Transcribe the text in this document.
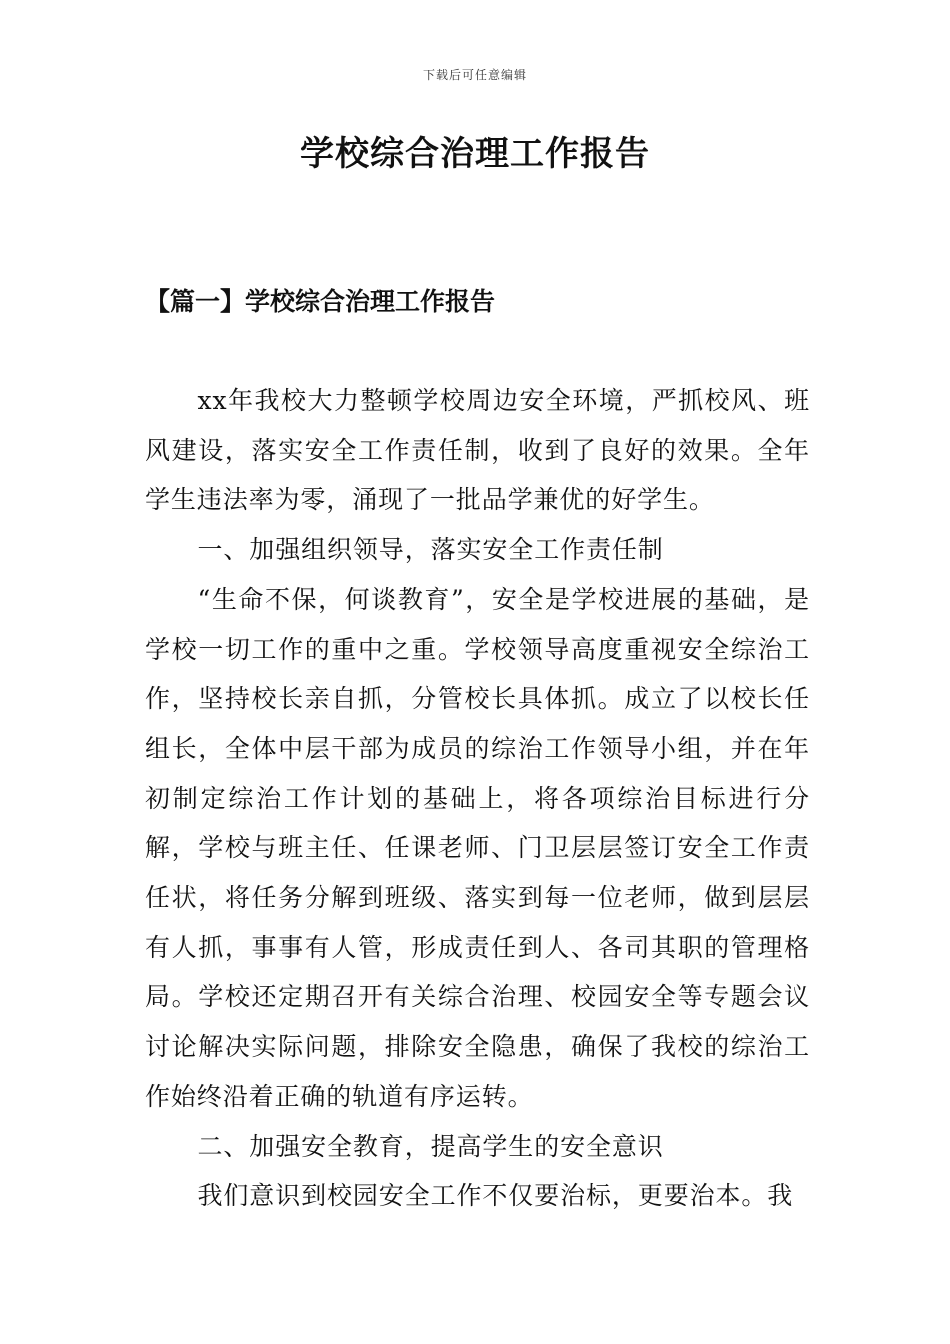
下载后可任意编辑
学校综合治理工作报告
【篇一】学校综合治理工作报告

xx年我校大力整顿学校周边安全环境，严抓校风、班风建设，落实安全工作责任制，收到了良好的效果。全年学生违法率为零，涌现了一批品学兼优的好学生。

一、加强组织领导，落实安全工作责任制

“生命不保，何谈教育”，安全是学校进展的基础，是学校一切工作的重中之重。学校领导高度重视安全综治工作，坚持校长亲自抓，分管校长具体抓。成立了以校长任组长，全体中层干部为成员的综治工作领导小组，并在年初制定综治工作计划的基础上，将各项综治目标进行分解，学校与班主任、任课老师、门卫层层签订安全工作责任状，将任务分解到班级、落实到每一位老师，做到层层有人抓，事事有人管，形成责任到人、各司其职的管理格局。学校还定期召开有关综合治理、校园安全等专题会议讨论解决实际问题，排除安全隐患，确保了我校的综治工作始终沿着正确的轨道有序运转。

二、加强安全教育，提高学生的安全意识

我们意识到校园安全工作不仅要治标，更要治本。我
